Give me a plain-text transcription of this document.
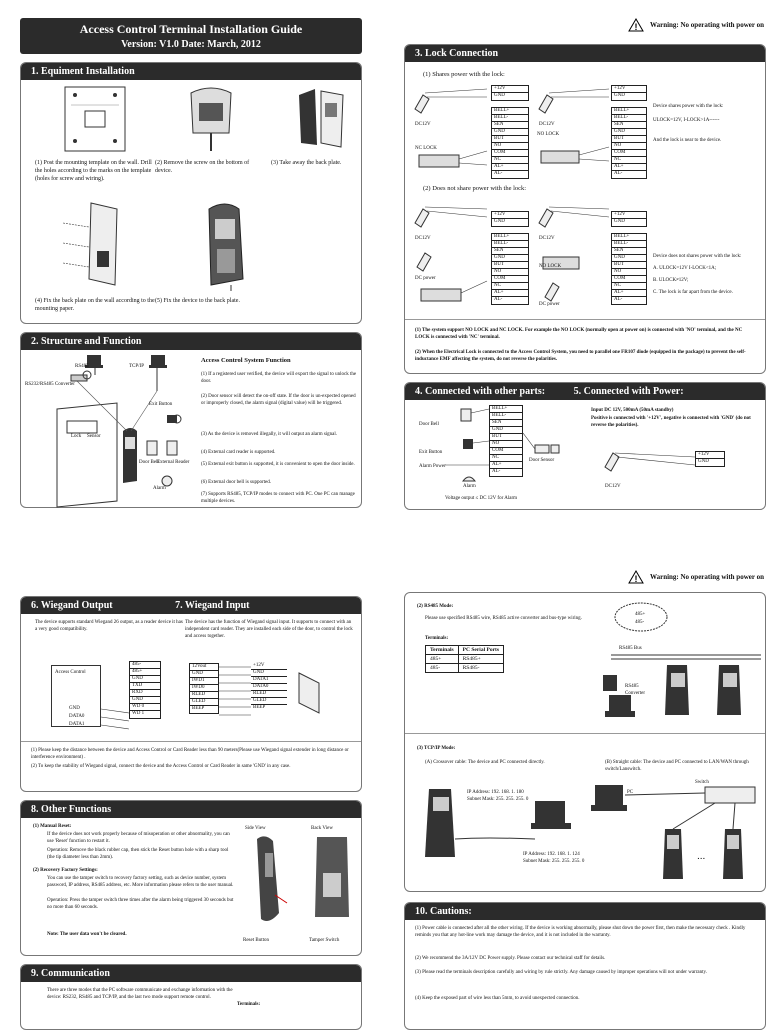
Access Control Terminal Installation Guide
Version: V1.0 Date: March, 2012
1. Equiment Installation
(1) Post the mounting template on the wall. Drill the holes according to the marks on the template (holes for screw and wiring).
(2) Remove the screw on the bottom of device.
(3) Take away the back plate.
(4) Fix the back plate on the wall according to the mounting paper.
(5) Fix the device to the back plate.
2. Structure and Function
RS485	TCP/IP
RS232/RS485 Converter
Exit Button
Lock Sensor
Door Bell
External Reader
Alarm
Access Control System Function
(1) If a registered user verified, the device will export the signal to unlock the door.
(2) Door sensor will detect the on-off state. If the door is un-expected opened or improperly closed, the alarm signal (digital value) will be triggered.
(3) As the device is removed illegally, it will output an alarm signal.
(4) External card reader is supported.
(5) External exit button is supported, it is convenient to open the door inside.
(6) External door bell is supported.
(7) Supports RS485, TCP/IP modes to connect with PC. One PC can manage multiple devices.
! Warning: No operating with power on
3. Lock Connection
(1) Shares power with the lock:
DC12V
NC LOCK
+12V
GND
BELL+
BELL-
SEN
GND
BUT
NO
COM
NC
AL+
AL-
DC12V
NO LOCK
+12V
GND
BELL+
BELL-
SEN
GND
BUT
NO
COM
NC
AL+
AL-
Device shares power with the lock:
ULOCK=12V, I-LOCK>1A------
And the lock is near to the device.
(2) Does not share power with the lock:
DC12V
DC power
+12V
GND
BELL+
BELL-
SEN
GND
BUT
NO
COM
NC
AL+
AL-
DC12V
NO LOCK
DC power
+12V
GND
BELL+
BELL-
SEN
GND
BUT
NO
COM
NC
AL+
AL-
Device does not shares power with the lock:
A. ULOCK=12V I-LOCK<1A;
B. ULOCK≠12V;
C. The lock is far apart from the device.
(1) The system support NO LOCK and NC LOCK. For example the NO LOCK (normally open at power on) is connected with 'NO' terminal, and the NC LOCK is connected with 'NC' terminal.
(2) When the Electrical Lock is connected to the Access Control System, you need to parallel one FR107 diode (equipped in the package) to prevent the self-inductance EMF affecting the system, do not reverse the polarities.
4. Connected with other parts:	5. Connected with Power:
BELL+
BELL-
SEN
GND
BUT
NO
COM
NC
AL+
AL-
Door Bell
Exit Button
Alarm Power
Alarm
Door Sensor
Voltage output ≤ DC 12V for Alarm
Input DC 12V, 500mA (50mA standby)
Positive is connected with '+12V', negative is connected with 'GND' (do not reverse the polarities).
+12V
GND
DC12V
6. Wiegand Output	7. Wiegand Input
The device supports standard Wiegand 26 output, as a reader device it has a very good compatibility.
The device has the function of Wiegand signal input. It supports to connect with an independent card reader. They are installed each side of the door, to control the lock and access together.
Access Control
GND
DATA0
DATA1
485-
485+
GND
TXD
RXD
GND
WD 0
WD 1
12Vout
GND
IWD1
IWD0
RLED
GLED
BEEP
+12V
GND
DATA1
DATA0
RLED
GLED
BEEP
(1) Please keep the distance between the device and Access Control or Card Reader less than 90 meters(Please use Wiegand signal extender in long distance or interference environment) .
(2) To keep the stability of Wiegand signal, connect the device and the Access Control or Card Reader in same 'GND' in any case.
8. Other Functions
(1) Manual Reset:
If the device does not work properly because of misoperation or other abnormality, you can use 'Reset' function to restart it.
Operation: Remove the black rubber cap, then stick the Reset button hole with a sharp tool (the tip diameter less than 2mm).
(2) Recovery Factory Settings:
You can use the tamper switch to recovery factory setting, such as device number, system password, IP address, RS485 address, etc. More information please refers to the user manual.
Operation: Press the tamper switch three times after the alarm being triggered 30 seconds but no more than 60 seconds.
Note: The user data won't be cleared.
Side View	Back View
Reset Button	Tamper Switch
9. Communication
There are three modes that the PC software communicate and exchange information with the device: RS232, RS485 and TCP/IP, and the last two mode support remote control.
Terminals:
! Warning: No operating with power on
(2) RS485 Mode:
Please use specified RS485 wire, RS485 active converter and bus-type wiring.
Terminals:
Terminals	PC Serial Ports
485+	RS485+
485-	RS485-
485+
485-
RS485 Bus
RS485 Converter
(3) TCP/IP Mode:
(A) Crossover cable: The device and PC connected directly.	(B) Straight cable: The device and PC connected to LAN/WAN through switch/Lanswitch.
...
IP Address: 192. 168. 1. 180
Subnet Mask: 255. 255. 255. 0
IP Address: 192. 168. 1. 124
Subnet Mask: 255. 255. 255. 0
PC
Switch
10. Cautions:
(1) Power cable is connected after all the other wiring. If the device is working abnormally, please shut down the power first, then make the necessary check . Kindly reminds you that any hot-line work may damage the device, and it is not included in the warranty.
(2) We recommend the 3A/12V DC Power supply. Please contact our technical staff for details.
(3) Please read the terminals description carefully and wiring by rule strictly. Any damage caused by improper operations will not under warranty.
(4) Keep the exposed part of wire less than 5mm, to avoid unexpected connection.
